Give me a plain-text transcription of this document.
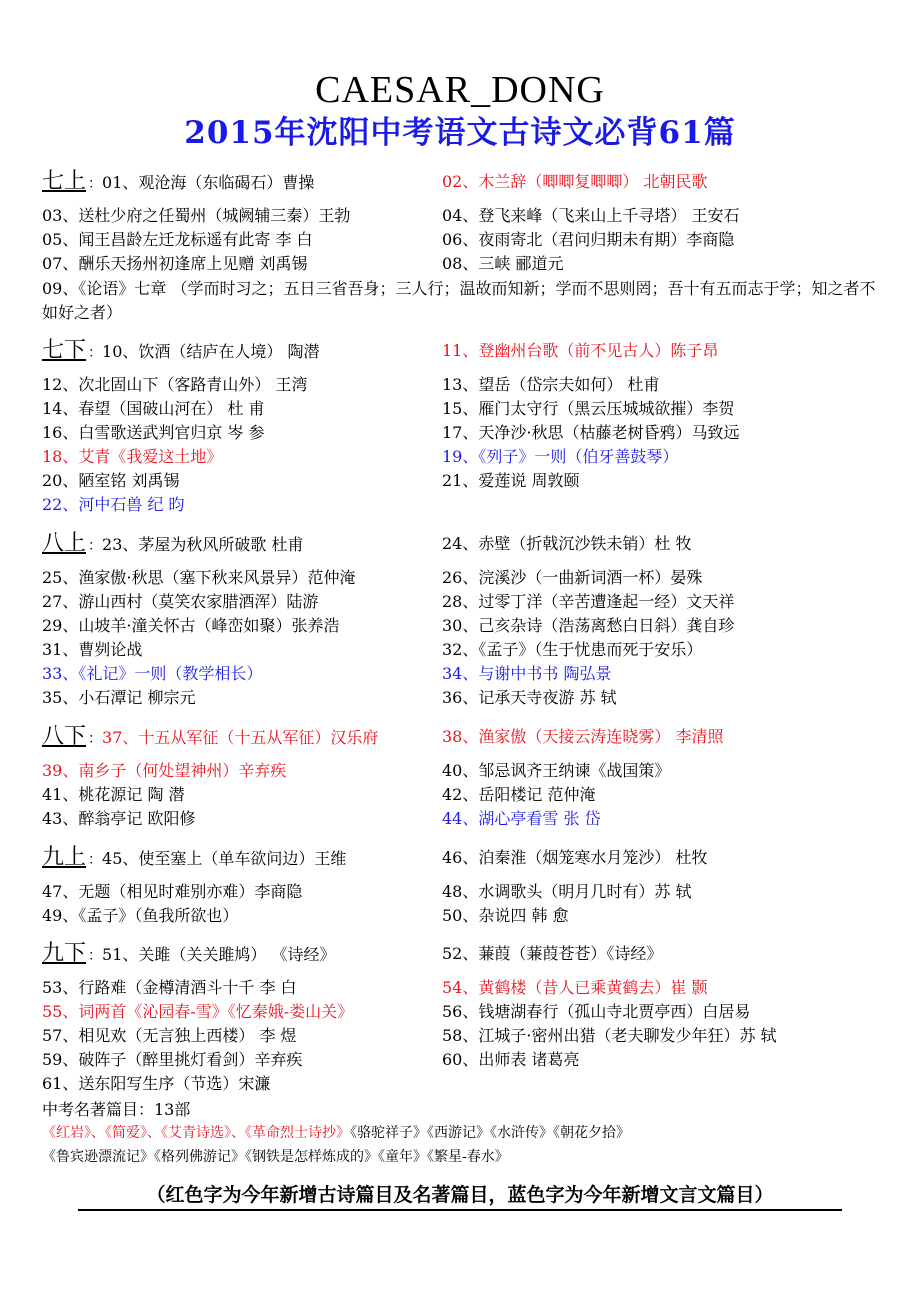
CAESAR_DONG
2015年沈阳中考语文古诗文必背61篇
七上 ：01、观沧海（东临碣石）曹操	02、木兰辞（唧唧复唧唧） 北朝民歌
03、送杜少府之任蜀州（城阙辅三秦）王勃	04、登飞来峰（飞来山上千寻塔） 王安石
05、闻王昌龄左迁龙标遥有此寄 李 白	06、夜雨寄北（君问归期未有期）李商隐
07、酬乐天扬州初逢席上见赠 刘禹锡	08、三峡 郦道元
09、《论语》七章 （学而时习之；五日三省吾身；三人行；温故而知新；学而不思则罔；吾十有五而志于学；知之者不如好之者）
七下 ：10、饮酒（结庐在人境） 陶潜	11、登幽州台歌（前不见古人）陈子昂
12、次北固山下（客路青山外） 王湾	13、望岳（岱宗夫如何） 杜甫
14、春望（国破山河在） 杜 甫	15、雁门太守行（黑云压城城欲摧）李贺
16、白雪歌送武判官归京 岑 参	17、天净沙·秋思（枯藤老树昏鸦）马致远
18、艾青《我爱这土地》	19、《列子》一则（伯牙善鼓琴）
20、陋室铭 刘禹锡	21、爱莲说 周敦颐
22、河中石兽 纪 昀
八上 ：23、茅屋为秋风所破歌 杜甫	24、赤壁（折戟沉沙铁未销）杜 牧
25、渔家傲·秋思（塞下秋来风景异）范仲淹	26、浣溪沙（一曲新词酒一杯）晏殊
27、游山西村（莫笑农家腊酒浑）陆游	28、过零丁洋（辛苦遭逢起一经）文天祥
29、山坡羊·潼关怀古（峰峦如聚）张养浩	30、己亥杂诗（浩荡离愁白日斜）龚自珍
31、曹刿论战	32、《孟子》（生于忧患而死于安乐）
33、《礼记》一则（教学相长）	34、与谢中书书 陶弘景
35、小石潭记 柳宗元	36、记承天寺夜游 苏 轼
八下 ：37、十五从军征（十五从军征）汉乐府	38、渔家傲（天接云涛连晓雾） 李清照
39、南乡子（何处望神州）辛弃疾	40、邹忌讽齐王纳谏《战国策》
41、桃花源记 陶 潜	42、岳阳楼记 范仲淹
43、醉翁亭记 欧阳修	44、湖心亭看雪 张 岱
九上 ：45、使至塞上（单车欲问边）王维	46、泊秦淮（烟笼寒水月笼沙） 杜牧
47、无题（相见时难别亦难）李商隐	48、水调歌头（明月几时有）苏 轼
49、《孟子》（鱼我所欲也）	50、杂说四 韩 愈
九下 ：51、关雎（关关雎鸠） 《诗经》	52、蒹葭（蒹葭苍苍）《诗经》
53、行路难（金樽清酒斗十千 李 白	54、黄鹤楼（昔人已乘黄鹤去）崔 颢
55、词两首《沁园春-雪》《忆秦娥-娄山关》	56、钱塘湖春行（孤山寺北贾亭西）白居易
57、相见欢（无言独上西楼） 李 煜	58、江城子·密州出猎（老夫聊发少年狂）苏 轼
59、破阵子（醉里挑灯看剑）辛弃疾	60、出师表 诸葛亮
61、送东阳写生序（节选）宋濂
中考名著篇目：13部
《红岩》、《简爱》、《艾青诗选》、《革命烈士诗抄》《骆驼祥子》《西游记》《水浒传》《朝花夕拾》
《鲁宾逊漂流记》《格列佛游记》《钢铁是怎样炼成的》《童年》《繁星-春水》
（红色字为今年新增古诗篇目及名著篇目，蓝色字为今年新增文言文篇目）
